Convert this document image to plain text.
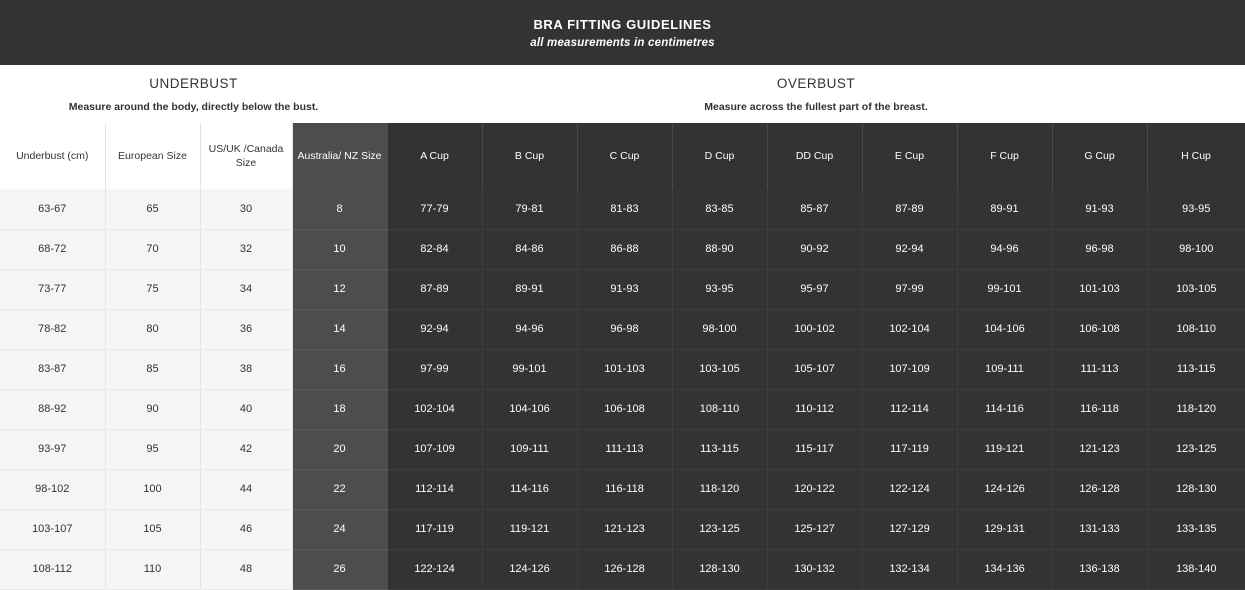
BRA FITTING GUIDELINES
all measurements in centimetres
UNDERBUST
Measure around the body, directly below the bust.
OVERBUST
Measure across the fullest part of the breast.
Underbust (cm)	European Size	US/UK /Canada Size	Australia/ NZ Size	A Cup	B Cup	C Cup	D Cup	DD Cup	E Cup	F Cup	G Cup	H Cup
63-67	65	30	8	77-79	79-81	81-83	83-85	85-87	87-89	89-91	91-93	93-95
68-72	70	32	10	82-84	84-86	86-88	88-90	90-92	92-94	94-96	96-98	98-100
73-77	75	34	12	87-89	89-91	91-93	93-95	95-97	97-99	99-101	101-103	103-105
78-82	80	36	14	92-94	94-96	96-98	98-100	100-102	102-104	104-106	106-108	108-110
83-87	85	38	16	97-99	99-101	101-103	103-105	105-107	107-109	109-111	111-113	113-115
88-92	90	40	18	102-104	104-106	106-108	108-110	110-112	112-114	114-116	116-118	118-120
93-97	95	42	20	107-109	109-111	111-113	113-115	115-117	117-119	119-121	121-123	123-125
98-102	100	44	22	112-114	114-116	116-118	118-120	120-122	122-124	124-126	126-128	128-130
103-107	105	46	24	117-119	119-121	121-123	123-125	125-127	127-129	129-131	131-133	133-135
108-112	110	48	26	122-124	124-126	126-128	128-130	130-132	132-134	134-136	136-138	138-140
